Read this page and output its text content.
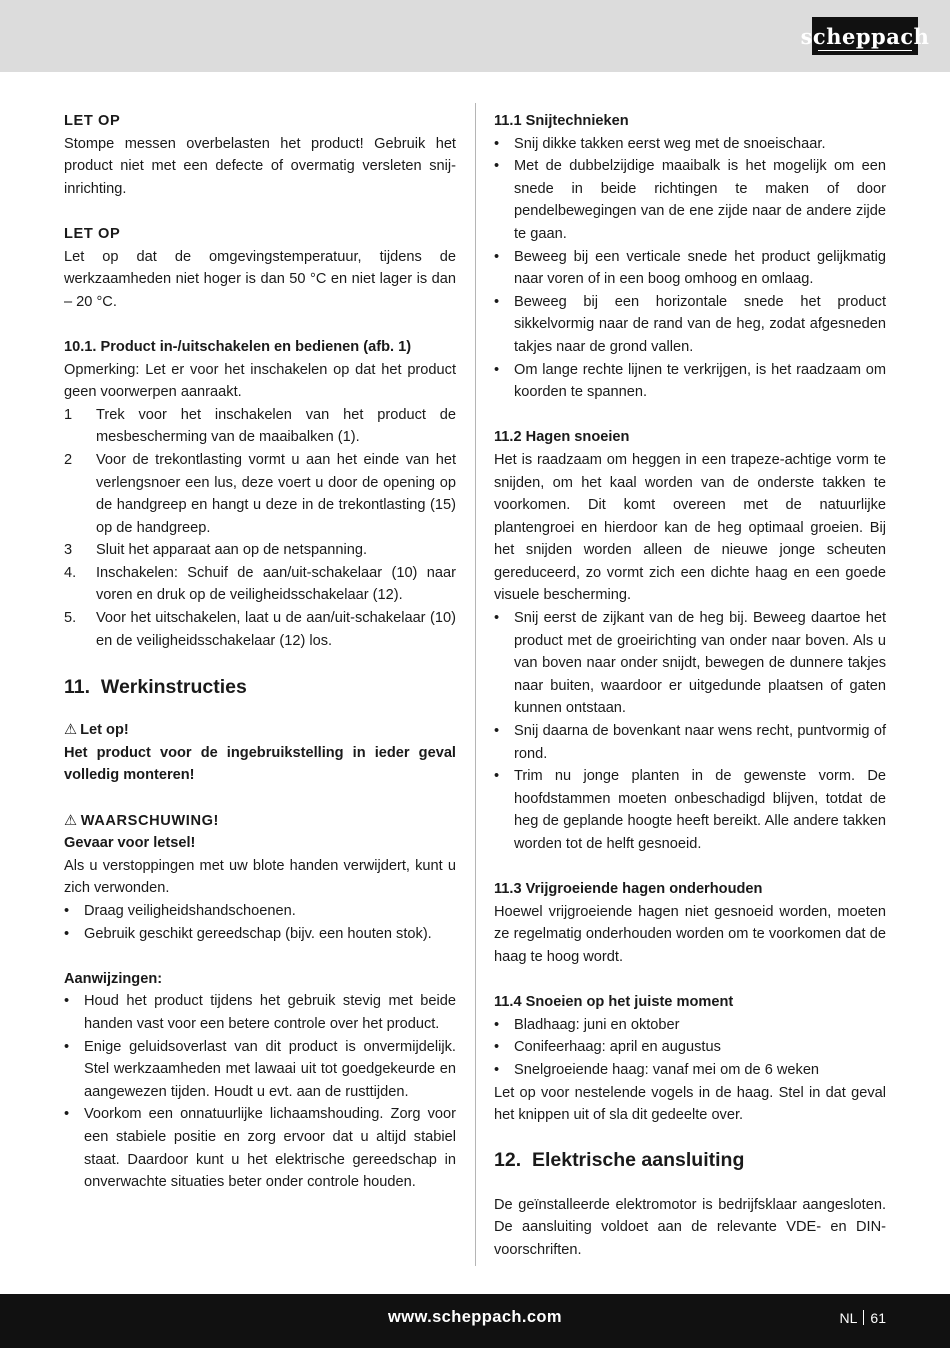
scheppach

LET OP

Stompe messen overbelasten het product! Gebruik het product niet met een defecte of overmatig versleten snij-inrichting.

LET OP

Let op dat de omgevingstemperatuur, tijdens de werkzaamheden niet hoger is dan 50 °C en niet lager is dan – 20 °C.

10.1. Product in-/uitschakelen en bedienen (afb. 1)

Opmerking: Let er voor het inschakelen op dat het product geen voorwerpen aanraakt.

1 Trek voor het inschakelen van het product de mesbescherming van de maaibalken (1).
2 Voor de trekontlasting vormt u aan het einde van het verlengsnoer een lus, deze voert u door de opening op de handgreep en hangt u deze in de trekontlasting (15) op de handgreep.
3 Sluit het apparaat aan op de netspanning.
4. Inschakelen: Schuif de aan/uit-schakelaar (10) naar voren en druk op de veiligheidsschakelaar (12).
5. Voor het uitschakelen, laat u de aan/uit-schakelaar (10) en de veiligheidsschakelaar (12) los.
11. Werkinstructies

⚠ Let op!

Het product voor de ingebruikstelling in ieder geval volledig monteren!

⚠ WAARSCHUWING!

Gevaar voor letsel!

Als u verstoppingen met uw blote handen verwijdert, kunt u zich verwonden.

• Draag veiligheidshandschoenen.
• Gebruik geschikt gereedschap (bijv. een houten stok).

Aanwijzingen:

• Houd het product tijdens het gebruik stevig met beide handen vast voor een betere controle over het product.
• Enige geluidsoverlast van dit product is onvermijdelijk. Stel werkzaamheden met lawaai uit tot goedgekeurde en aangewezen tijden. Houdt u evt. aan de rusttijden.
• Voorkom een onnatuurlijke lichaamshouding. Zorg voor een stabiele positie en zorg ervoor dat u altijd stabiel staat. Daardoor kunt u het elektrische gereedschap in onverwachte situaties beter onder controle houden.

11.1 Snijtechnieken

• Snij dikke takken eerst weg met de snoeischaar.
• Met de dubbelzijdige maaibalk is het mogelijk om een snede in beide richtingen te maken of door pendelbewegingen van de ene zijde naar de andere zijde te gaan.
• Beweeg bij een verticale snede het product gelijkmatig naar voren of in een boog omhoog en omlaag.
• Beweeg bij een horizontale snede het product sikkelvormig naar de rand van de heg, zodat afgesneden takjes naar de grond vallen.
• Om lange rechte lijnen te verkrijgen, is het raadzaam om koorden te spannen.

11.2 Hagen snoeien

Het is raadzaam om heggen in een trapeze-achtige vorm te snijden, om het kaal worden van de onderste takken te voorkomen. Dit komt overeen met de natuurlijke plantengroei en hierdoor kan de heg optimaal groeien. Bij het snijden worden alleen de nieuwe jonge scheuten gereduceerd, zo vormt zich een dichte haag en een goede visuele bescherming.

• Snij eerst de zijkant van de heg bij. Beweeg daartoe het product met de groeirichting van onder naar boven. Als u van boven naar onder snijdt, bewegen de dunnere takjes naar buiten, waardoor er uitgedunde plaatsen of gaten kunnen ontstaan.
• Snij daarna de bovenkant naar wens recht, puntvormig of rond.
• Trim nu jonge planten in de gewenste vorm. De hoofdstammen moeten onbeschadigd blijven, totdat de heg de geplande hoogte heeft bereikt. Alle andere takken worden tot de helft gesnoeid.

11.3 Vrijgroeiende hagen onderhouden

Hoewel vrijgroeiende hagen niet gesnoeid worden, moeten ze regelmatig onderhouden worden om te voorkomen dat de haag te hoog wordt.

11.4 Snoeien op het juiste moment

• Bladhaag: juni en oktober
• Conifeerhaag: april en augustus
• Snelgroeiende haag: vanaf mei om de 6 weken

Let op voor nestelende vogels in de haag. Stel in dat geval het knippen uit of sla dit gedeelte over.

12. Elektrische aansluiting

De geïnstalleerde elektromotor is bedrijfsklaar aangesloten. De aansluiting voldoet aan de relevante VDE- en DIN-voorschriften.

www.scheppach.com	NL 61
